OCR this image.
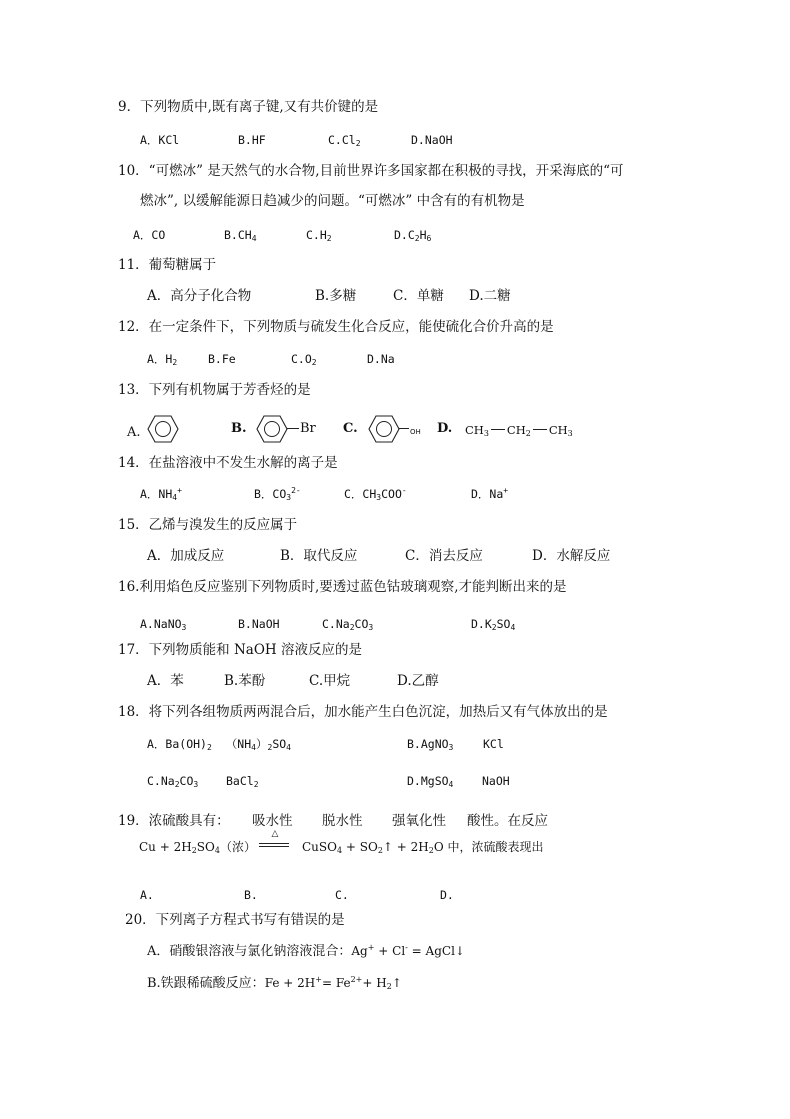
9．下列物质中,既有离子键,又有共价键的是
A．KCl	B.HF	$C.Cl_2$	D.NaOH
10．“可燃冰” 是天然气的水合物,目前世界许多国家都在积极的寻找，开采海底的“可
燃冰”, 以缓解能源日趋减少的问题。“可燃冰” 中含有的有机物是
A．CO	$B.CH_4$	$C.H_2$	$D.C_2H_6$
11．葡萄糖属于
A．高分子化合物	B.多糖	C．单糖 D.二糖
12．在一定条件下，下列物质与硫发生化合反应，能使硫化合价升高的是
A．$H_2$	B.Fe	$C.O_2$	D.Na
13．下列有机物属于芳香烃的是
A.	B.	Br C.	OH D. $CH_3$ $CH_2$ $CH_3$
14．在盐溶液中不发生水解的离子是
A．$NH_4^+$	B．$CO_3^{2-}$	C．$CH_3COO^-$	D．Na+
15．乙烯与溴发生的反应属于
A．加成反应	B．取代反应	C．消去反应	D．水解反应
16.利用焰色反应鉴别下列物质时,要透过蓝色钴玻璃观察,才能判断出来的是
A.NaNO$_3$	B.NaOH	$C.Na_2CO_3$	$D.K_2SO_4$
17．下列物质能和 NaOH 溶液反应的是
A．苯	B.苯酚	C.甲烷	D.乙醇
18．将下列各组物质两两混合后，加水能产生白色沉淀，加热后又有气体放出的是
A．$Ba(OH)_2$ $(NH_4)_2SO_4$	B.AgNO$_3$	KCl
$C.Na_2CO_3$ BaCl$_2$	D.MgSO$_4$ NaOH
19．浓硫酸具有： 吸水性 脱水性 强氧化性 酸性。在反应
$Cu + 2H_2SO_4$（浓）
△
CuSO$_4$ + $SO_2↑ + 2H_2O$ 中，浓硫酸表现出
A.	B.	C.	D.
20．下列离子方程式书写有错误的是
A．硝酸银溶液与氯化钠溶液混合：Ag+ + Cl- = AgCl↓
B.铁跟稀硫酸反应：$Fe + 2H^+= Fe^{2+}+$ $H_2↑$
